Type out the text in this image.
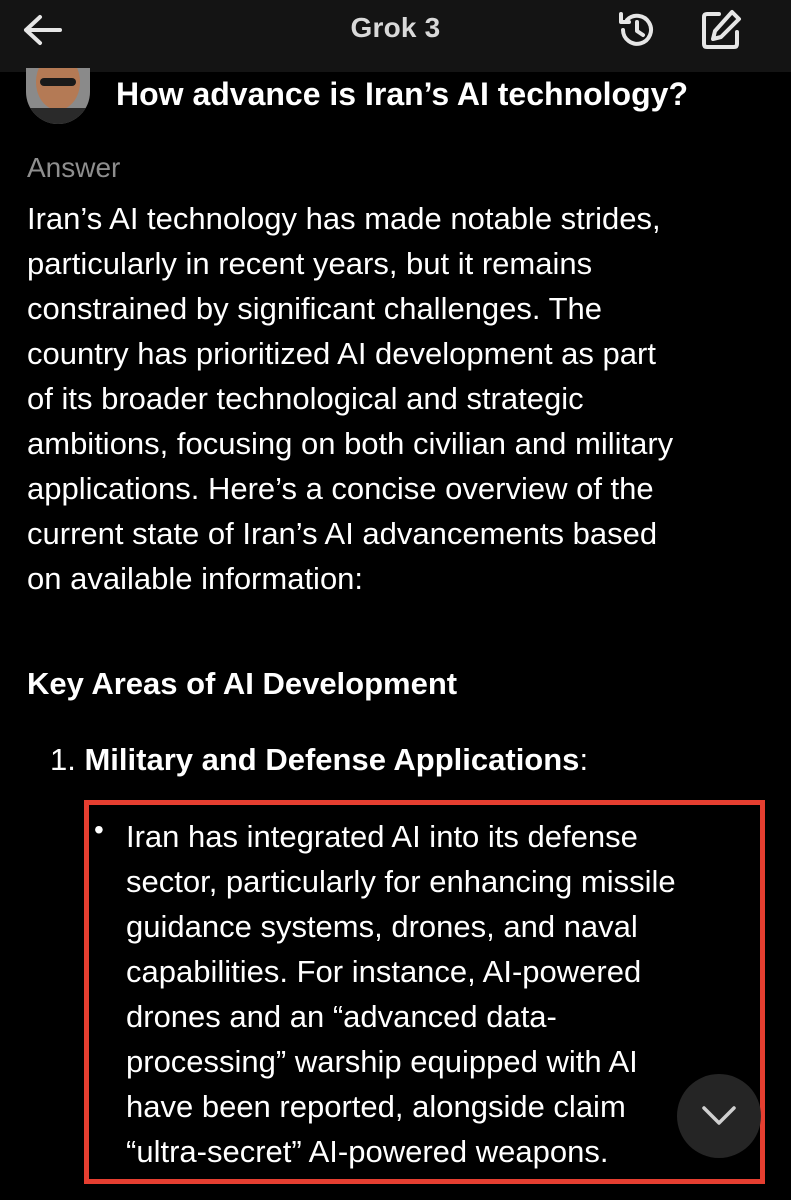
Grok 3
How advance is Iran’s AI technology?
Answer
Iran’s AI technology has made notable strides,
particularly in recent years, but it remains
constrained by significant challenges. The
country has prioritized AI development as part
of its broader technological and strategic
ambitions, focusing on both civilian and military
applications. Here’s a concise overview of the
current state of Iran’s AI advancements based
on available information:
Key Areas of AI Development
1. Military and Defense Applications:
• Iran has integrated AI into its defense
sector, particularly for enhancing missile
guidance systems, drones, and naval
capabilities. For instance, AI-powered
drones and an “advanced data-
processing” warship equipped with AI
have been reported, alongside claim
“ultra-secret” AI-powered weapons.
